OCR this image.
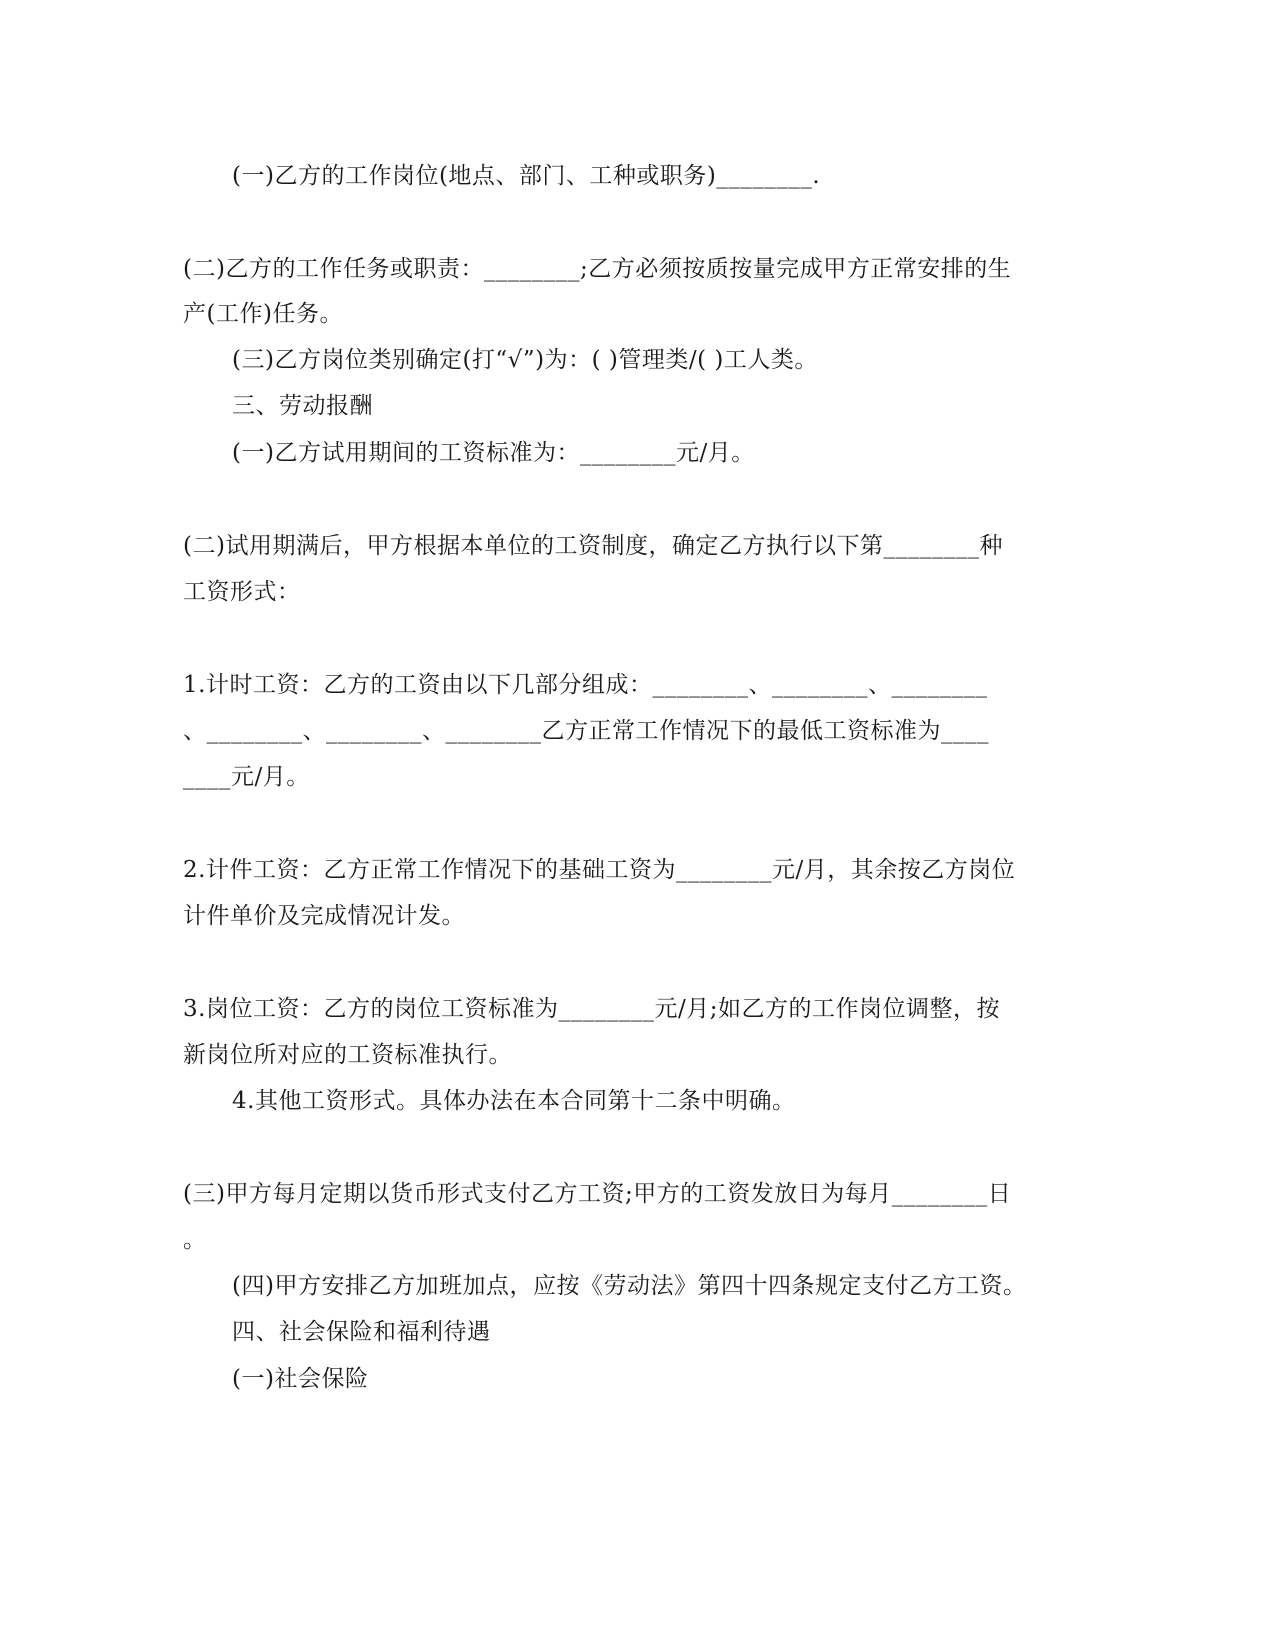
(一)乙方的工作岗位(地点、部门、工种或职务)________.
(二)乙方的工作任务或职责：________;乙方必须按质按量完成甲方正常安排的生
产(工作)任务。
(三)乙方岗位类别确定(打“√”)为：( )管理类/( )工人类。
三、劳动报酬
(一)乙方试用期间的工资标准为：________元/月。
(二)试用期满后，甲方根据本单位的工资制度，确定乙方执行以下第________种
工资形式：
1.计时工资：乙方的工资由以下几部分组成：________、________、________
、________、________、________乙方正常工作情况下的最低工资标准为____
____元/月。
2.计件工资：乙方正常工作情况下的基础工资为________元/月，其余按乙方岗位
计件单价及完成情况计发。
3.岗位工资：乙方的岗位工资标准为________元/月;如乙方的工作岗位调整，按
新岗位所对应的工资标准执行。
4.其他工资形式。具体办法在本合同第十二条中明确。
(三)甲方每月定期以货币形式支付乙方工资;甲方的工资发放日为每月________日
。
(四)甲方安排乙方加班加点，应按《劳动法》第四十四条规定支付乙方工资。
四、社会保险和福利待遇
(一)社会保险
